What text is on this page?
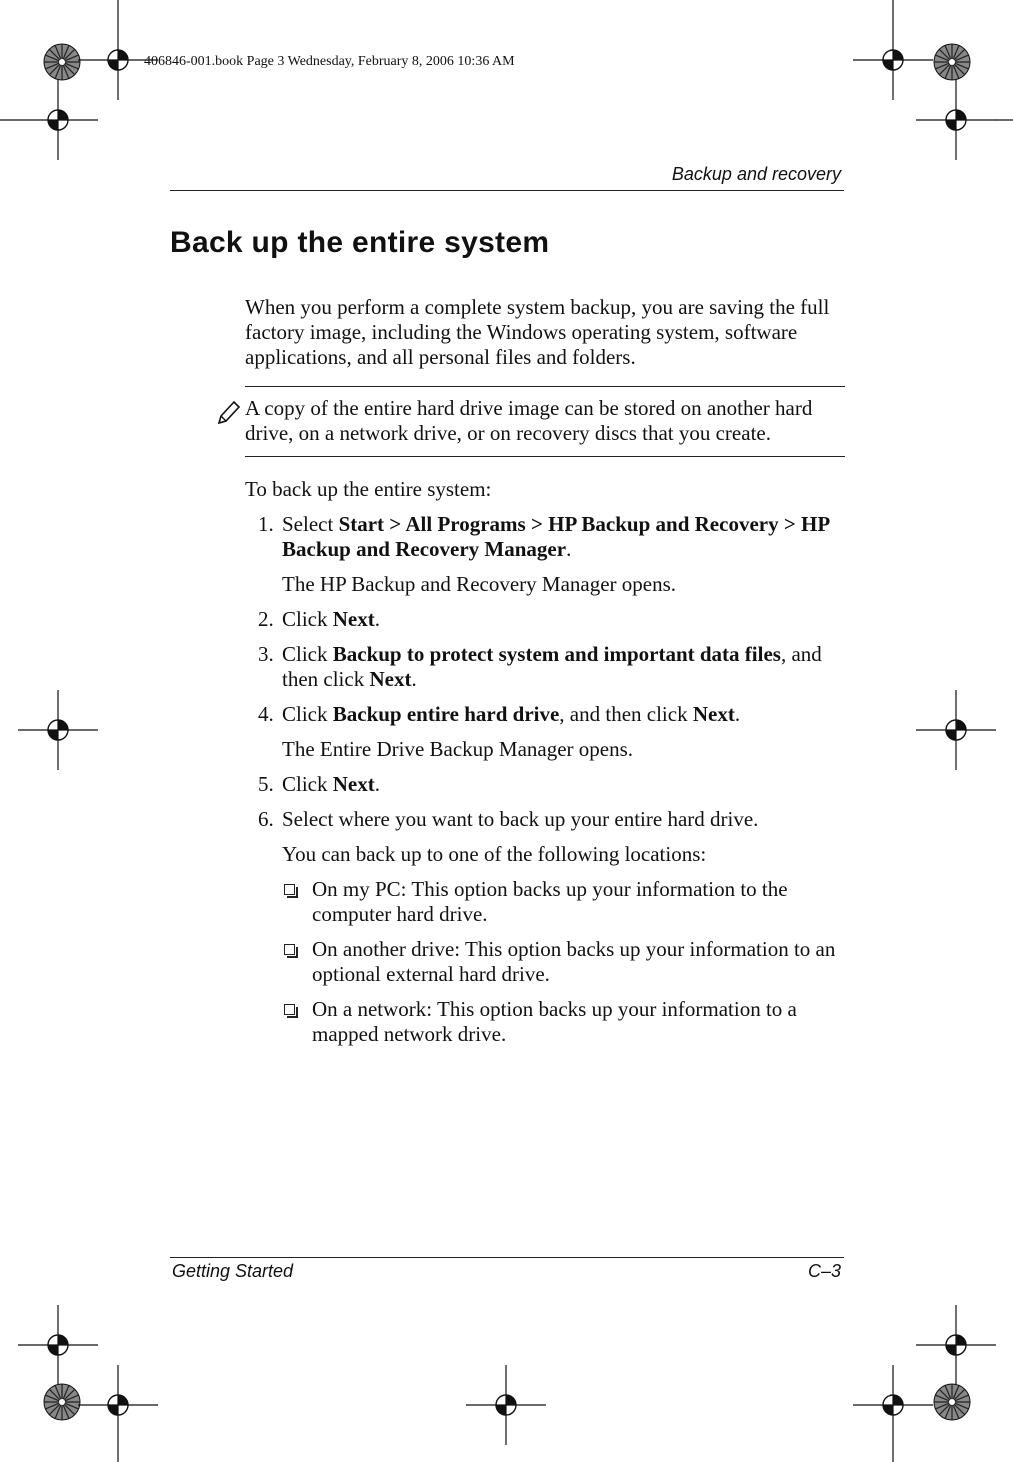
406846-001.book Page 3 Wednesday, February 8, 2006 10:36 AM
Backup and recovery
Back up the entire system

When you perform a complete system backup, you are saving the full factory image, including the Windows operating system, software applications, and all personal files and folders.

A copy of the entire hard drive image can be stored on another hard drive, on a network drive, or on recovery discs that you create.

To back up the entire system:

1. Select Start > All Programs > HP Backup and Recovery > HP Backup and Recovery Manager.

The HP Backup and Recovery Manager opens.

2. Click Next.
3. Click Backup to protect system and important data files, and then click Next.
4. Click Backup entire hard drive, and then click Next.

The Entire Drive Backup Manager opens.

5. Click Next.
6. Select where you want to back up your entire hard drive.

You can back up to one of the following locations:

On my PC: This option backs up your information to the computer hard drive.
On another drive: This option backs up your information to an optional external hard drive.
On a network: This option backs up your information to a mapped network drive.
Getting Started	C–3
